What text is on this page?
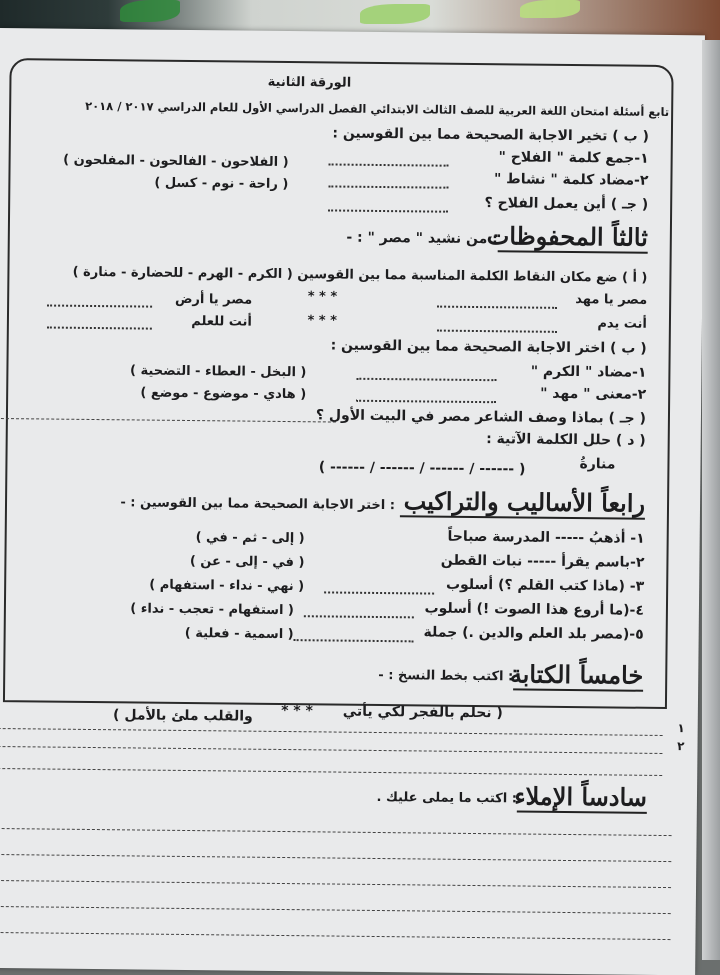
الورقة الثانية
تابع أسئلة امتحان اللغة العربية للصف الثالث الابتدائي الفصل الدراسي الأول للعام الدراسي ٢٠١٧ / ٢٠١٨
( ب ) تخير الاجابة الصحيحة مما بين القوسين :
١-جمع كلمة " الفلاح "
( الفلاحون - الفالحون - المفلحون )
٢-مضاد كلمة " نشاط "
( راحة - نوم - كسل )
( جـ ) أين يعمل الفلاح ؟
ثالثاً المحفوظات
: من نشيد " مصر " : -
( أ ) ضع مكان النقاط الكلمة المناسبة مما بين القوسين ( الكرم - الهرم - للحضارة - منارة )
مصر يا مهد
* * *
مصر يا أرض
أنت يدم
* * *
أنت للعلم
( ب ) اختر الاجابة الصحيحة مما بين القوسين :
١-مضاد " الكرم "
( البخل - العطاء - التضحية )
٢-معنى " مهد "
( هادي - موضوع - موضع )
( جـ ) بماذا وصف الشاعر مصر في البيت الأول ؟
( د ) حلل الكلمة الآتية :
منارةُ
( ------ / ------ / ------ / ------ )
رابعاً الأساليب والتراكيب
: اختر الاجابة الصحيحة مما بين القوسين : -
١- أذهبُ ----- المدرسة صباحاً
( إلى - ثم - في )
٢-باسم يقرأ ----- نبات القطن
( في - إلى - عن )
٣- (ماذا كتب القلم ؟) أسلوب
( نهي - نداء - استفهام )
٤-(ما أروع هذا الصوت !) أسلوب
( استفهام - تعجب - نداء )
٥-(مصر بلد العلم والدين .) جملة
( اسمية - فعلية )
خامساً الكتابة
: اكتب بخط النسخ : -
( نحلم بالفجر لكي يأتي
* * *
والقلب ملئ بالأمل )
١
٢
سادساً الإملاء
: اكتب ما يملى عليك .
